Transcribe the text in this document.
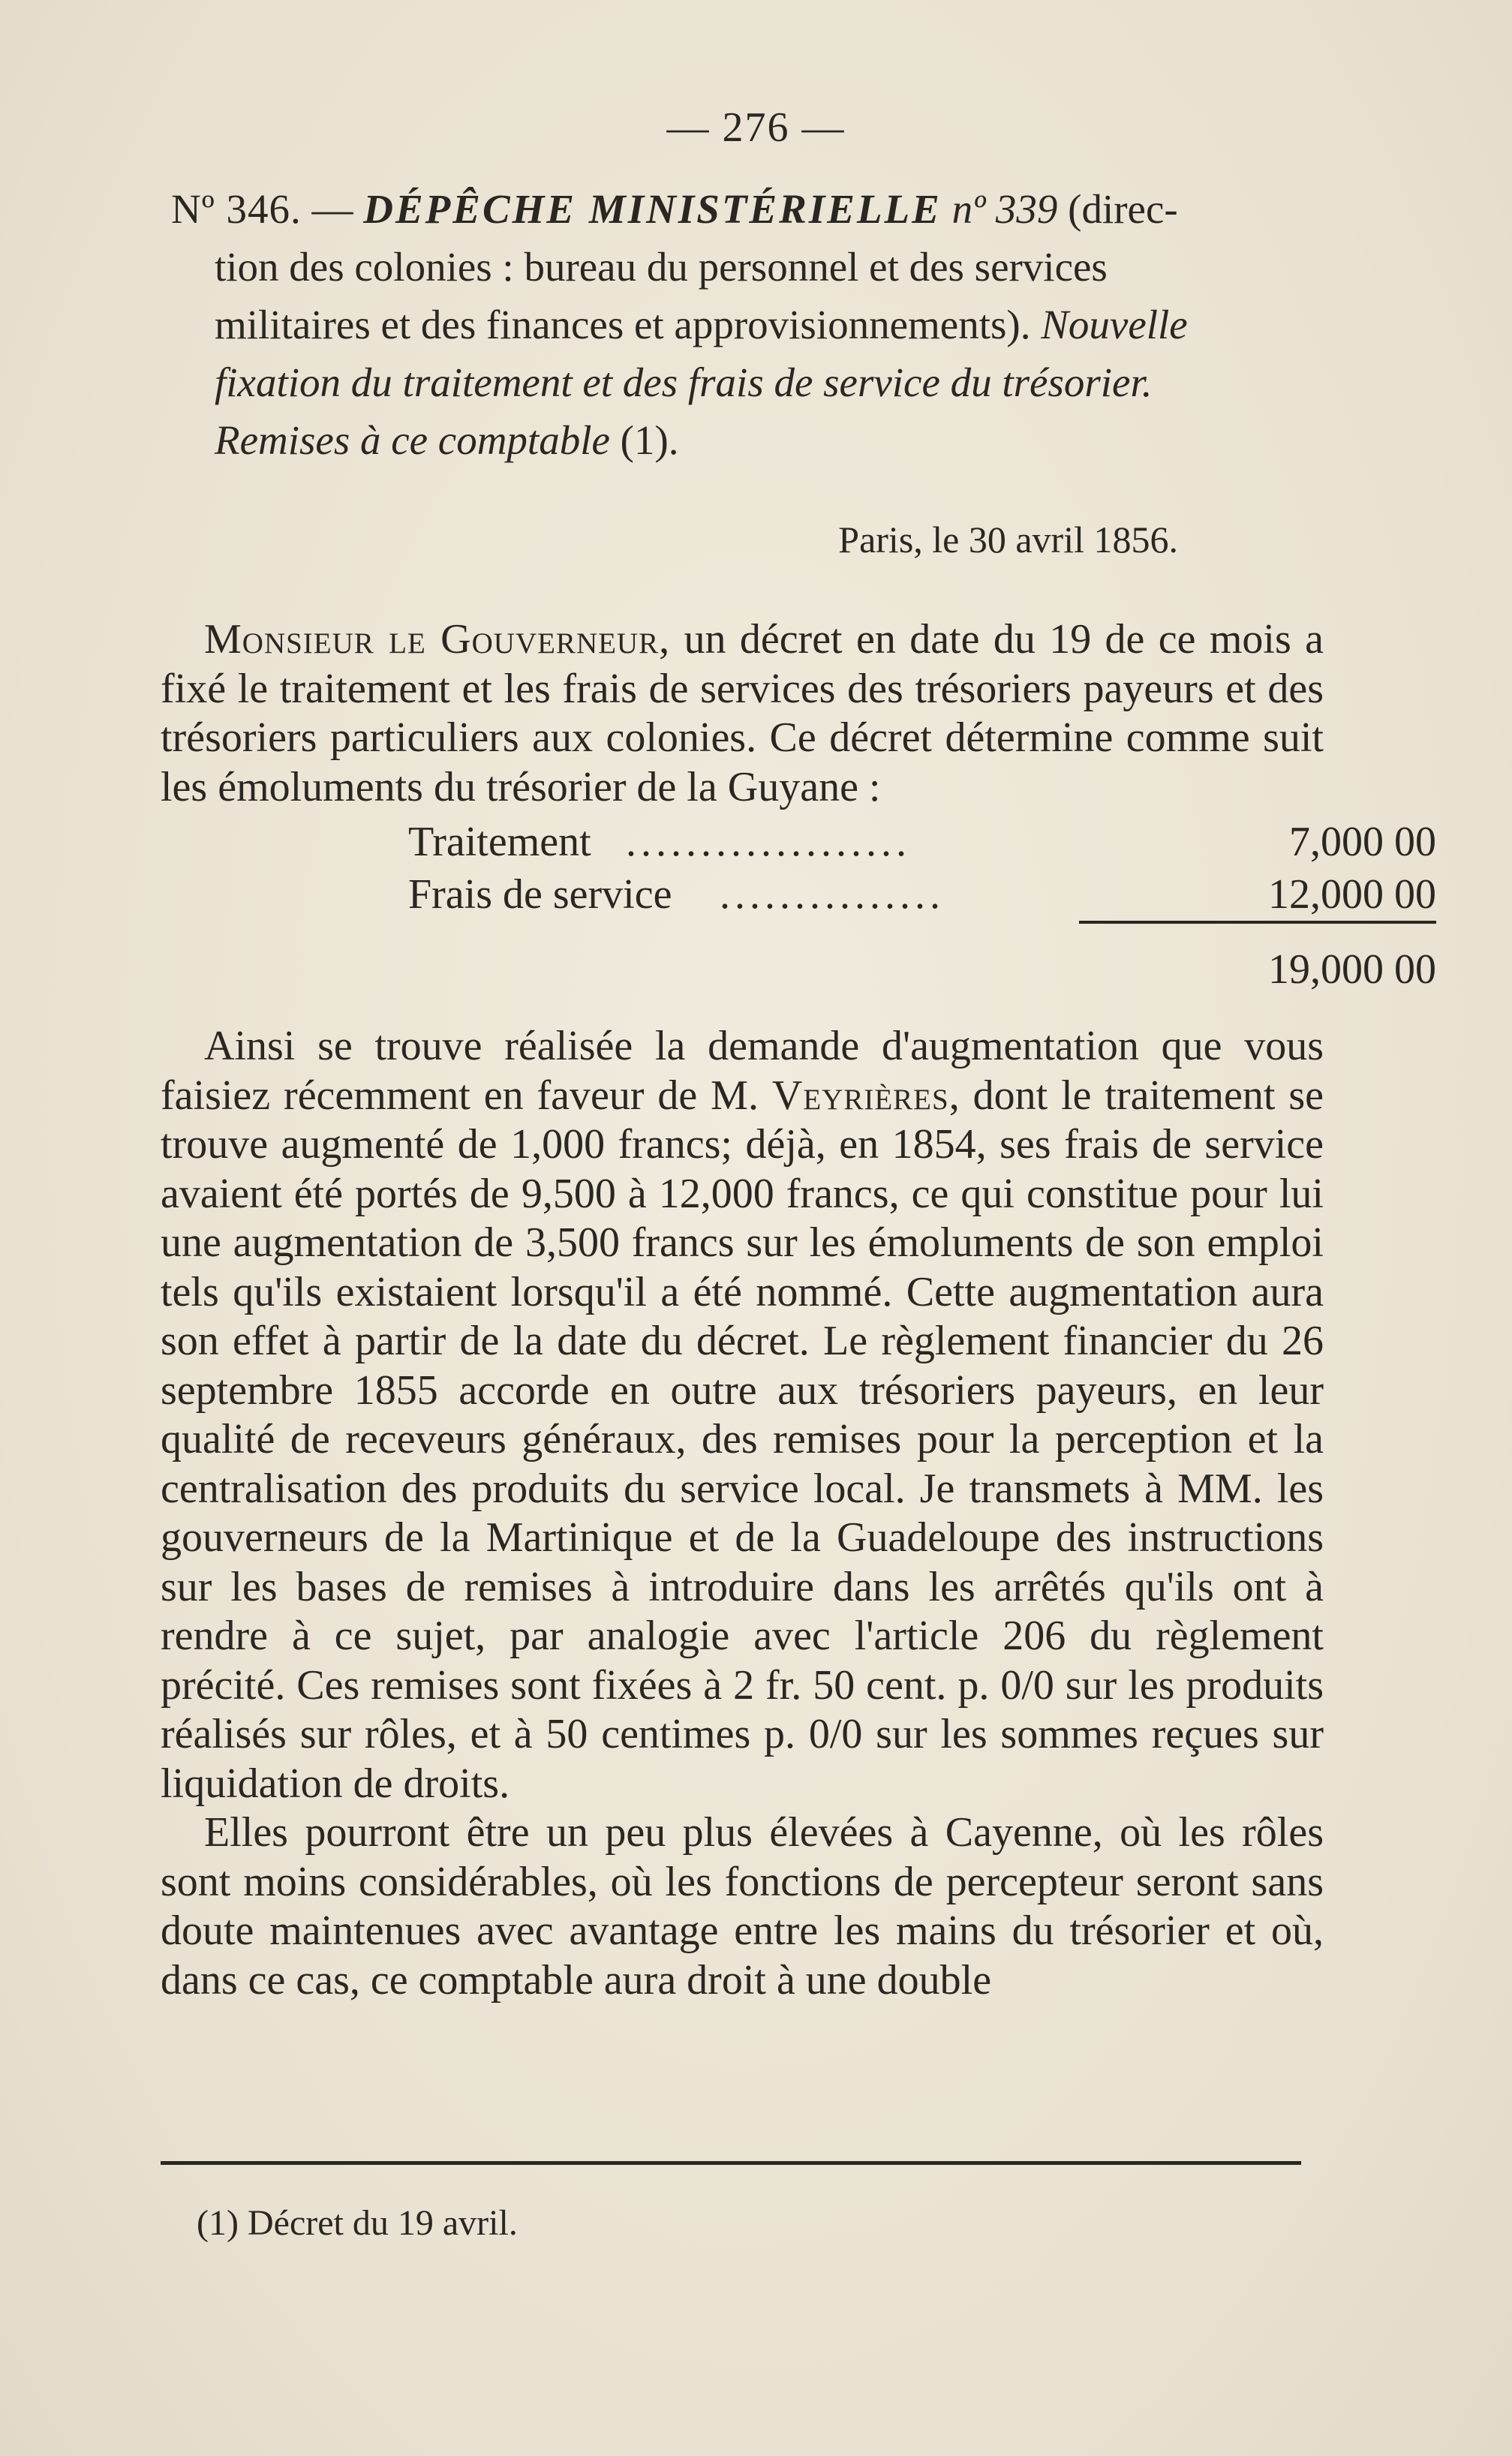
— 276 —
Nº 346. — DÉPÊCHE MINISTÉRIELLE nº 339 (direc-
tion des colonies : bureau du personnel et des services
militaires et des finances et approvisionnements). Nouvelle
fixation du traitement et des frais de service du trésorier.
Remises à ce comptable (1).
Paris, le 30 avril 1856.

Monsieur le Gouverneur, un décret en date du 19 de ce mois a fixé le traitement et les frais de services des trésoriers payeurs et des trésoriers particuliers aux colonies. Ce décret détermine comme suit les émoluments du trésorier de la Guyane :

Traitement ...................	7,000 00
Frais de service ...............	12,000 00
19,000 00

Ainsi se trouve réalisée la demande d'augmentation que vous faisiez récemment en faveur de M. Veyrières, dont le traitement se trouve augmenté de 1,000 francs; déjà, en 1854, ses frais de service avaient été portés de 9,500 à 12,000 francs, ce qui constitue pour lui une augmentation de 3,500 francs sur les émoluments de son emploi tels qu'ils existaient lorsqu'il a été nommé. Cette augmentation aura son effet à partir de la date du décret. Le règlement financier du 26 septembre 1855 accorde en outre aux trésoriers payeurs, en leur qualité de receveurs généraux, des remises pour la perception et la centralisation des produits du service local. Je transmets à MM. les gouverneurs de la Martinique et de la Guadeloupe des instructions sur les bases de remises à introduire dans les arrêtés qu'ils ont à rendre à ce sujet, par analogie avec l'article 206 du règlement précité. Ces remises sont fixées à 2 fr. 50 cent. p. 0/0 sur les produits réalisés sur rôles, et à 50 centimes p. 0/0 sur les sommes reçues sur liquidation de droits.

Elles pourront être un peu plus élevées à Cayenne, où les rôles sont moins considérables, où les fonctions de percepteur seront sans doute maintenues avec avantage entre les mains du trésorier et où, dans ce cas, ce comptable aura droit à une double

(1) Décret du 19 avril.
